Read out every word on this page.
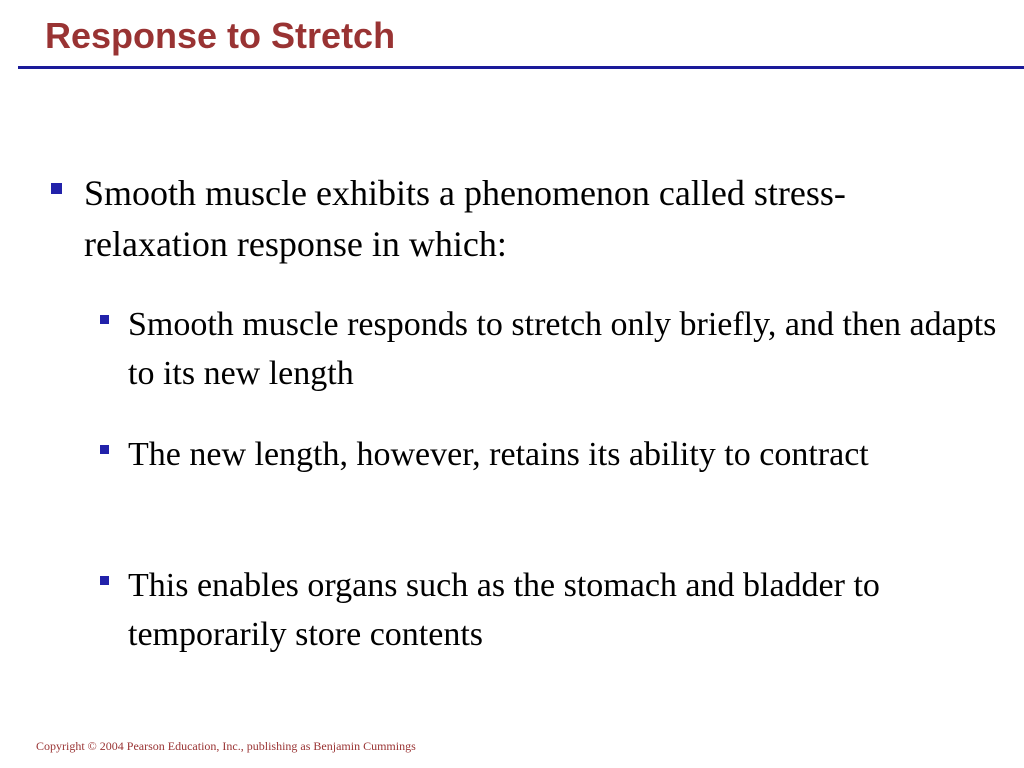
Response to Stretch
Smooth muscle exhibits a phenomenon called stress-relaxation response in which:
Smooth muscle responds to stretch only briefly, and then adapts to its new length
The new length, however, retains its ability to contract
This enables organs such as the stomach and bladder to temporarily store contents
Copyright © 2004 Pearson Education, Inc., publishing as Benjamin Cummings
